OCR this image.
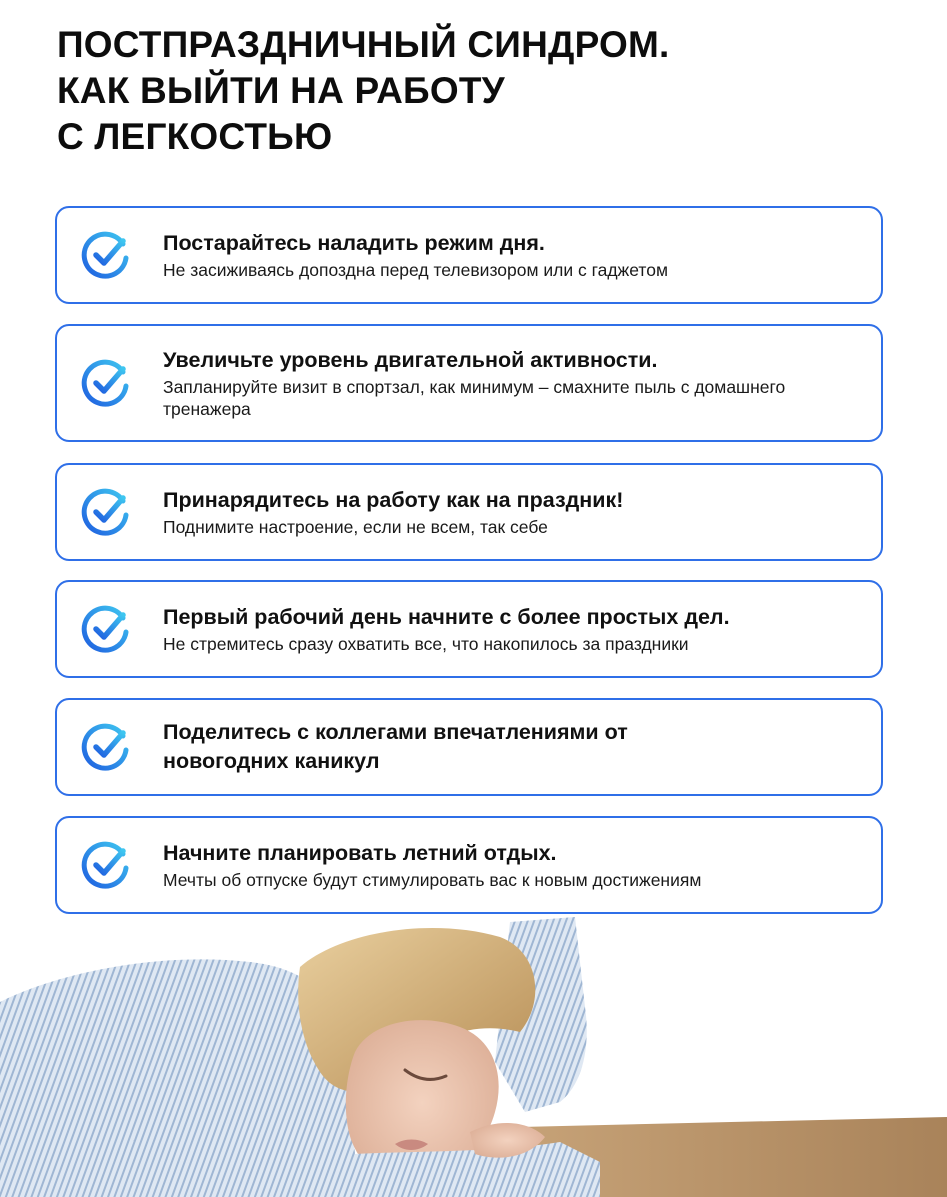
ПОСТПРАЗДНИЧНЫЙ СИНДРОМ.
КАК ВЫЙТИ НА РАБОТУ
С ЛЕГКОСТЬЮ
Постарайтесь наладить режим дня.
Не засиживаясь допоздна перед телевизором или с гаджетом
Увеличьте уровень двигательной активности.
Запланируйте визит в спортзал, как минимум – смахните пыль с домашнего тренажера
Принарядитесь на работу как на праздник!
Поднимите настроение, если не всем, так себе
Первый рабочий день начните с более простых дел.
Не стремитесь сразу охватить все, что накопилось за праздники
Поделитесь с коллегами впечатлениями от новогодних каникул
Начните планировать летний отдых.
Мечты об отпуске будут стимулировать вас к новым достижениям
